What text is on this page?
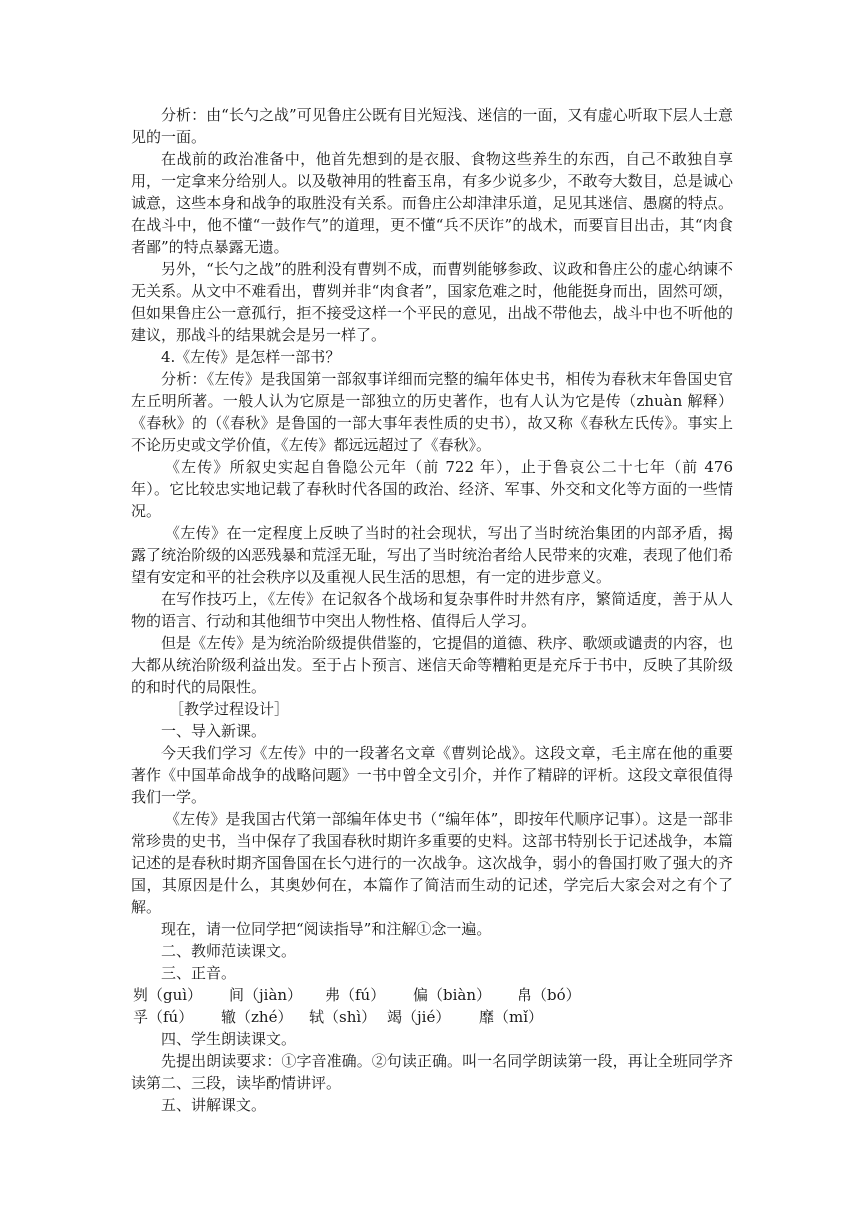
分析：由“长勺之战”可见鲁庄公既有目光短浅、迷信的一面，又有虚心听取下层人士意见的一面。

在战前的政治准备中，他首先想到的是衣服、食物这些养生的东西，自己不敢独自享用，一定拿来分给别人。以及敬神用的牲畜玉帛，有多少说多少，不敢夸大数目，总是诚心诚意，这些本身和战争的取胜没有关系。而鲁庄公却津津乐道，足见其迷信、愚腐的特点。在战斗中，他不懂“一鼓作气”的道理，更不懂“兵不厌诈”的战术，而要盲目出击，其“肉食者鄙”的特点暴露无遗。

另外，“长勺之战”的胜利没有曹刿不成，而曹刿能够参政、议政和鲁庄公的虚心纳谏不无关系。从文中不难看出，曹刿并非“肉食者”，国家危难之时，他能挺身而出，固然可颂，但如果鲁庄公一意孤行，拒不接受这样一个平民的意见，出战不带他去，战斗中也不听他的建议，那战斗的结果就会是另一样了。

4.《左传》是怎样一部书？

分析：《左传》是我国第一部叙事详细而完整的编年体史书，相传为春秋末年鲁国史官左丘明所著。一般人认为它原是一部独立的历史著作，也有人认为它是传（zhuàn 解释）《春秋》的（《春秋》是鲁国的一部大事年表性质的史书），故又称《春秋左氏传》。事实上不论历史或文学价值，《左传》都远远超过了《春秋》。

《左传》所叙史实起自鲁隐公元年（前 722 年），止于鲁哀公二十七年（前 476 年）。它比较忠实地记载了春秋时代各国的政治、经济、军事、外交和文化等方面的一些情况。

《左传》在一定程度上反映了当时的社会现状，写出了当时统治集团的内部矛盾，揭露了统治阶级的凶恶残暴和荒淫无耻，写出了当时统治者给人民带来的灾难，表现了他们希望有安定和平的社会秩序以及重视人民生活的思想，有一定的进步意义。

在写作技巧上，《左传》在记叙各个战场和复杂事件时井然有序，繁简适度，善于从人物的语言、行动和其他细节中突出人物性格、值得后人学习。

但是《左传》是为统治阶级提供借鉴的，它提倡的道德、秩序、歌颂或谴责的内容，也大都从统治阶级利益出发。至于占卜预言、迷信天命等糟粕更是充斥于书中，反映了其阶级的和时代的局限性。

［教学过程设计］

一、导入新课。

今天我们学习《左传》中的一段著名文章《曹刿论战》。这段文章，毛主席在他的重要著作《中国革命战争的战略问题》一书中曾全文引介，并作了精辟的评析。这段文章很值得我们一学。

《左传》是我国古代第一部编年体史书（“编年体”，即按年代顺序记事）。这是一部非常珍贵的史书，当中保存了我国春秋时期许多重要的史料。这部书特别长于记述战争，本篇记述的是春秋时期齐国鲁国在长勺进行的一次战争。这次战争，弱小的鲁国打败了强大的齐国，其原因是什么，其奥妙何在，本篇作了简洁而生动的记述，学完后大家会对之有个了解。

现在，请一位同学把“阅读指导”和注解①念一遍。

二、教师范读课文。

三、正音。

刿（guì） 间（jiàn） 弗（fú） 偏（biàn） 帛（bó）

孚（fú） 辙（zhé） 轼（shì） 竭（jié） 靡（mǐ）

四、学生朗读课文。

先提出朗读要求：①字音准确。②句读正确。叫一名同学朗读第一段，再让全班同学齐读第二、三段，读毕酌情讲评。

五、讲解课文。
